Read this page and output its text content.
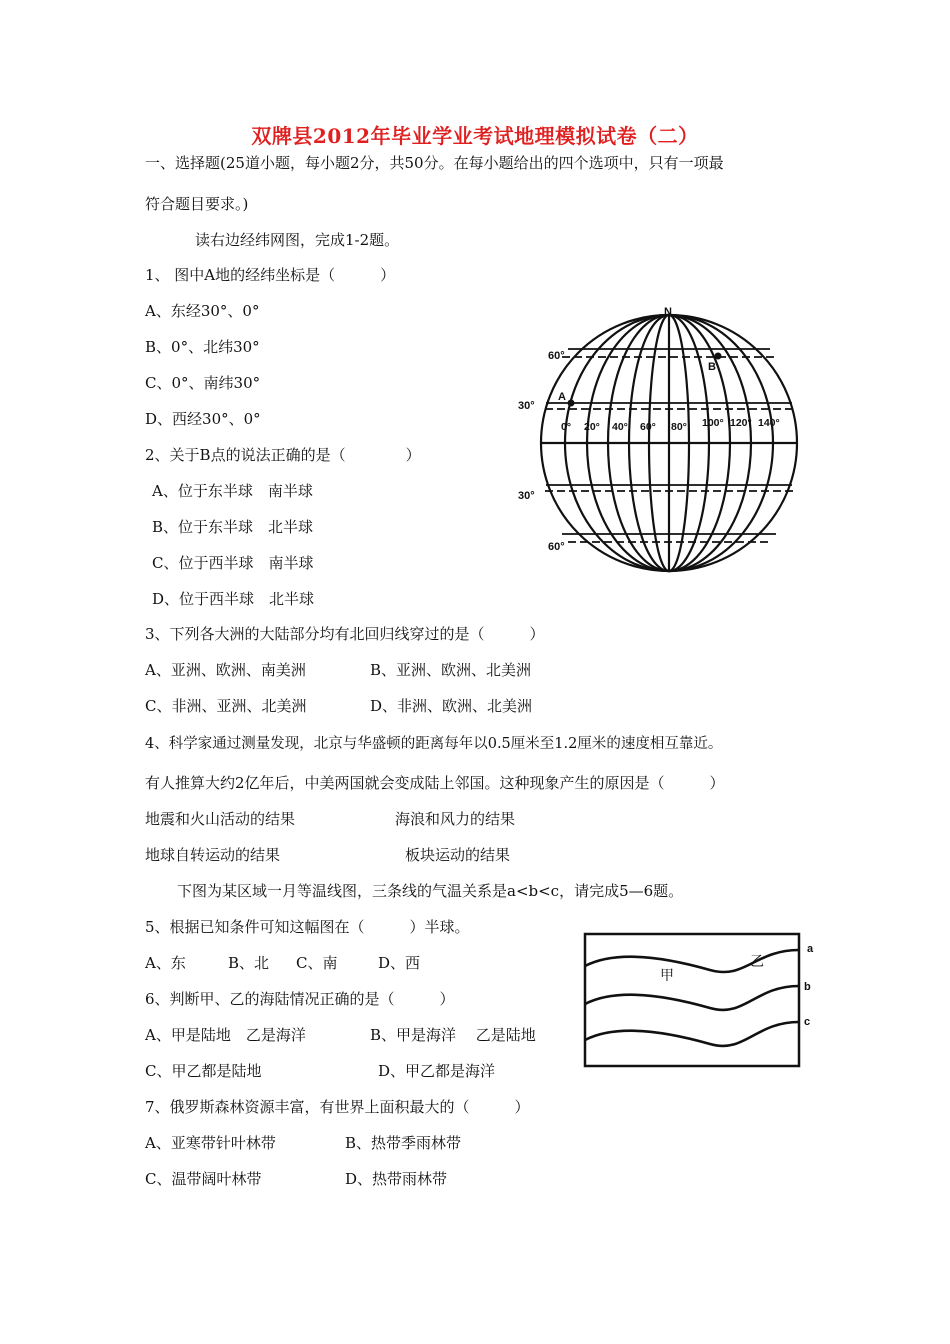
双牌县2012年毕业学业考试地理模拟试卷（二）
一、选择题(25道小题，每小题2分，共50分。在每小题给出的四个选项中，只有一项最
符合题目要求。)
读右边经纬网图，完成1-2题。
1、 图中A地的经纬坐标是（　　　）
A、东经30°、0°
B、0°、北纬30°
C、0°、南纬30°
D、西经30°、0°
2、关于B点的说法正确的是（　　　　）
A、位于东半球　南半球
B、位于东半球　北半球
C、位于西半球　南半球
D、位于西半球　北半球
3、下列各大洲的大陆部分均有北回归线穿过的是（　　　）
A、亚洲、欧洲、南美洲	B、亚洲、欧洲、北美洲
C、非洲、亚洲、北美洲	D、非洲、欧洲、北美洲
4、科学家通过测量发现，北京与华盛顿的距离每年以0.5厘米至1.2厘米的速度相互靠近。
有人推算大约2亿年后，中美两国就会变成陆上邻国。这种现象产生的原因是（　　　）
地震和火山活动的结果	海浪和风力的结果
地球自转运动的结果	板块运动的结果
下图为某区域一月等温线图，三条线的气温关系是a<b<c，请完成5—6题。
5、根据已知条件可知这幅图在（　　　）半球。
A、东	B、北 C、南	D、西
6、判断甲、乙的海陆情况正确的是（　　　）
A、甲是陆地　乙是海洋	B、甲是海洋　 乙是陆地
C、甲乙都是陆地	D、甲乙都是海洋
7、俄罗斯森林资源丰富，有世界上面积最大的（　　　）
A、亚寒带针叶林带	B、热带季雨林带
C、温带阔叶林带	D、热带雨林带
N
60°
30°
30°
60°
A
B
0° 20° 40° 60° 80° 100° 120° 140°
甲
乙
a
b
c
